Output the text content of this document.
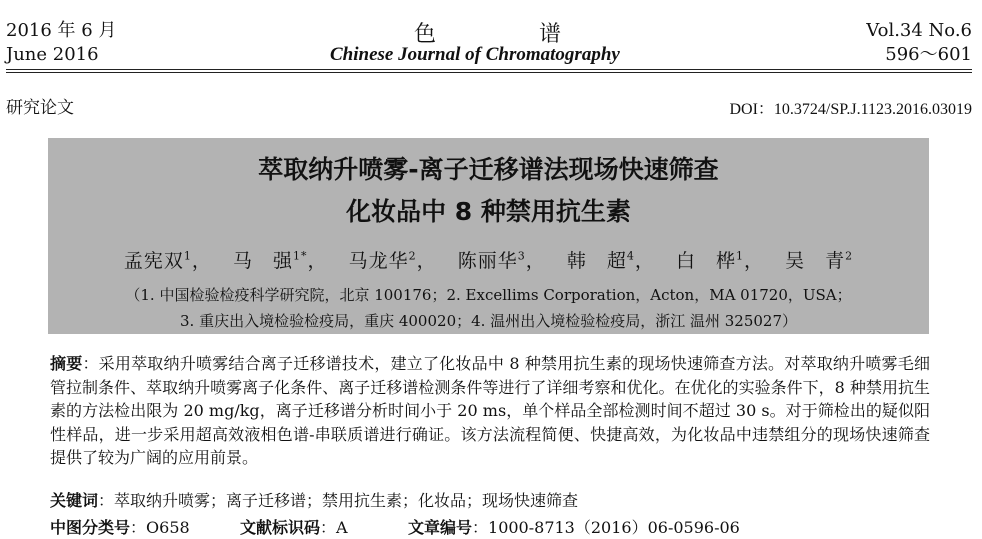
2016 年 6 月
June 2016
色 谱
Chinese Journal of Chromatography
Vol.34 No.6
596～601
研究论文	DOI：10.3724/SP.J.1123.2016.03019
萃取纳升喷雾-离子迁移谱法现场快速筛查
化妆品中 8 种禁用抗生素
孟宪双$^1$，   马　强$^{1*}$，   马龙华$^2$，   陈丽华$^3$，   韩　超$^4$，   白　桦$^1$，   吴　青$^2$
（1. 中国检验检疫科学研究院，北京 100176；2. Excellims Corporation，Acton，MA 01720，USA；
3. 重庆出入境检验检疫局，重庆 400020；4. 温州出入境检验检疫局，浙江 温州 325027）
摘要：采用萃取纳升喷雾结合离子迁移谱技术，建立了化妆品中 8 种禁用抗生素的现场快速筛查方法。对萃取纳升喷雾毛细管拉制条件、萃取纳升喷雾离子化条件、离子迁移谱检测条件等进行了详细考察和优化。在优化的实验条件下，8 种禁用抗生素的方法检出限为 20 mg/kg，离子迁移谱分析时间小于 20 ms，单个样品全部检测时间不超过 30 s。对于筛检出的疑似阳性样品，进一步采用超高效液相色谱-串联质谱进行确证。该方法流程简便、快捷高效，为化妆品中违禁组分的现场快速筛查提供了较为广阔的应用前景。
关键词：萃取纳升喷雾；离子迁移谱；禁用抗生素；化妆品；现场快速筛查
中图分类号：O658	文献标识码：A	文章编号：1000-8713（2016）06-0596-06
